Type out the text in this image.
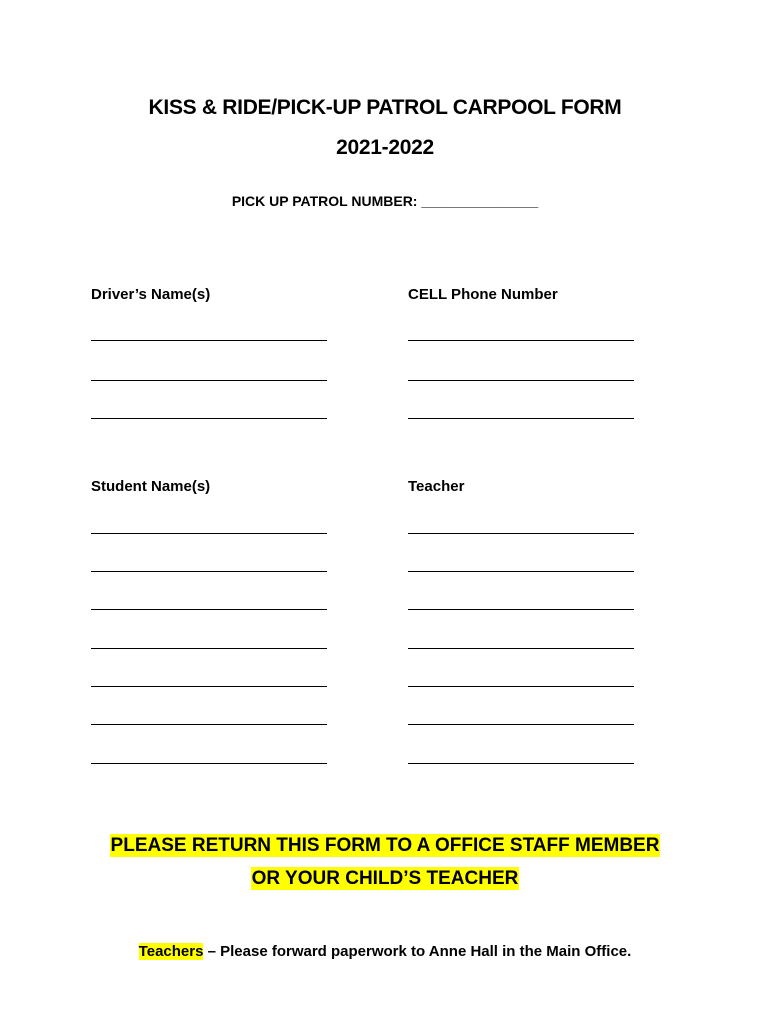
KISS & RIDE/PICK-UP PATROL CARPOOL FORM
2021-2022
PICK UP PATROL NUMBER: _______________
Driver’s Name(s)	CELL Phone Number
Student Name(s)	Teacher
PLEASE RETURN THIS FORM TO A OFFICE STAFF MEMBER
OR YOUR CHILD’S TEACHER
Teachers – Please forward paperwork to Anne Hall in the Main Office.
